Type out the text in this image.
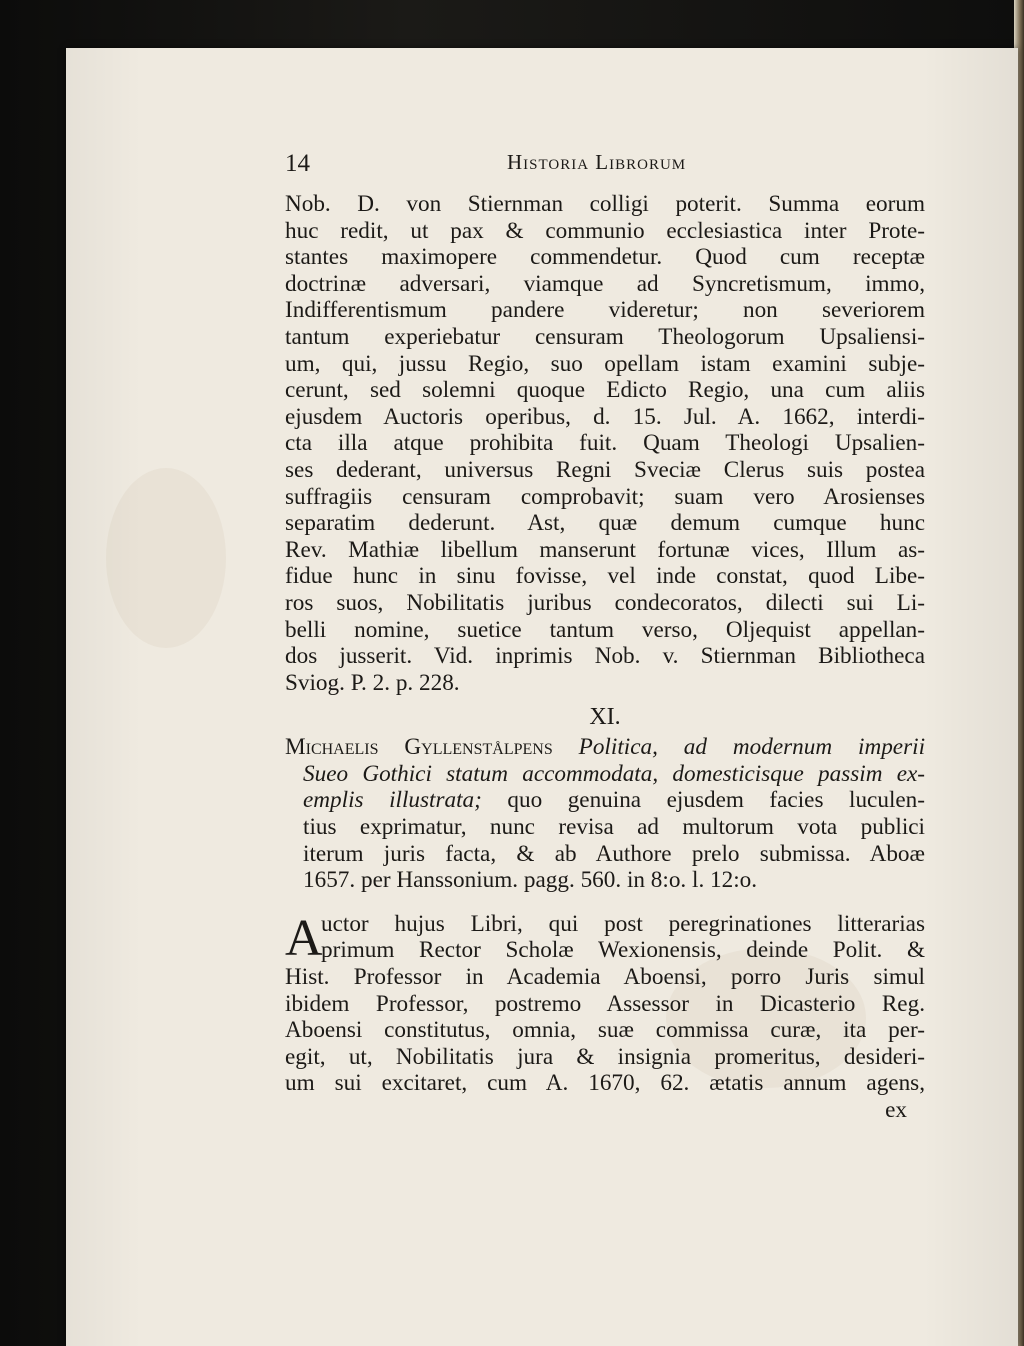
14	Historia Librorum
Nob. D. von Stiernman colligi poterit. Summa eorum
huc redit, ut pax & communio ecclesiastica inter Prote-
stantes maximopere commendetur. Quod cum receptæ
doctrinæ adversari, viamque ad Syncretismum, immo,
Indifferentismum pandere videretur; non severiorem
tantum experiebatur censuram Theologorum Upsaliensi-
um, qui, jussu Regio, suo opellam istam examini subje-
cerunt, sed solemni quoque Edicto Regio, una cum aliis
ejusdem Auctoris operibus, d. 15. Jul. A. 1662, interdi-
cta illa atque prohibita fuit. Quam Theologi Upsalien-
ses dederant, universus Regni Sveciæ Clerus suis postea
suffragiis censuram comprobavit; suam vero Arosienses
separatim dederunt. Ast, quæ demum cumque hunc
Rev. Mathiæ libellum manserunt fortunæ vices, Illum as-
fidue hunc in sinu fovisse, vel inde constat, quod Libe-
ros suos, Nobilitatis juribus condecoratos, dilecti sui Li-
belli nomine, suetice tantum verso, Oljequist appellan-
dos jusserit. Vid. inprimis Nob. v. Stiernman Bibliotheca
Sviog. P. 2. p. 228.
XI.
Michaelis Gyllenstålpens Politica, ad modernum imperii
Sueo Gothici statum accommodata, domesticisque passim ex-
emplis illustrata; quo genuina ejusdem facies luculen-
tius exprimatur, nunc revisa ad multorum vota publici
iterum juris facta, & ab Authore prelo submissa. Aboæ
1657. per Hanssonium. pagg. 560. in 8:o. l. 12:o.
A
uctor hujus Libri, qui post peregrinationes litterarias
primum Rector Scholæ Wexionensis, deinde Polit. &
Hist. Professor in Academia Aboensi, porro Juris simul
ibidem Professor, postremo Assessor in Dicasterio Reg.
Aboensi constitutus, omnia, suæ commissa curæ, ita per-
egit, ut, Nobilitatis jura & insignia promeritus, desideri-
um sui excitaret, cum A. 1670, 62. ætatis annum agens,
ex
